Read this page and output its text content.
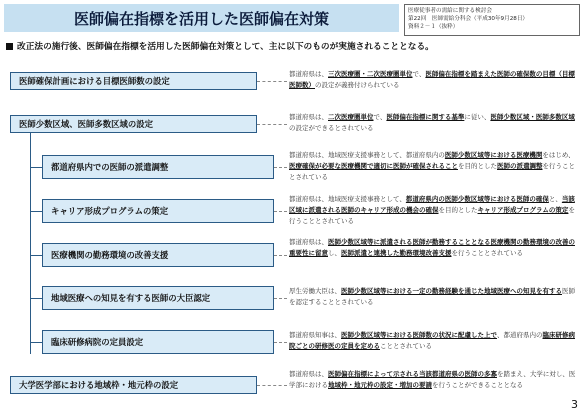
医師偏在指標を活用した医師偏在対策	医療従事者の需給に関する検討会
第22回　医師需給分科会（平成30年9月28日）
資料２－１（抜粋）
改正法の施行後、医師偏在指標を活用した医師偏在対策として、主に以下のものが実施されることとなる。
医師確保計画における目標医師数の設定
医師少数区域、医師多数区域の設定
都道府県内での医師の派遣調整
キャリア形成プログラムの策定
医療機関の勤務環境の改善支援
地域医療への知見を有する医師の大臣認定
臨床研修病院の定員設定
大学医学部における地域枠・地元枠の設定
都道府県は、三次医療圏・二次医療圏単位で、医師偏在指標を踏まえた医師の確保数の目標（目標医師数）の設定が義務付けられている
都道府県は、二次医療圏単位で、医師偏在指標に関する基準に従い、医師少数区域・医師多数区域の設定ができるとされている
都道府県は、地域医療支援事務として、都道府県内の医師少数区域等における医療機関をはじめ、医療確保が必要な医療機関で適切に医師が確保されることを目的とした医師の派遣調整を行うこととされている
都道府県は、地域医療支援事務として、都道府県内の医師少数区域等における医師の確保と、当該区域に派遣される医師のキャリア形成の機会の確保を目的としたキャリア形成プログラムの策定を行うこととされている
都道府県は、医師少数区域等に派遣される医師が勤務することとなる医療機関の勤務環境の改善の重要性に留意し、医師派遣と連携した勤務環境改善支援を行うこととされている
厚生労働大臣は、医師少数区域等における一定の勤務経験を通じた地域医療への知見を有する医師を認定することとされている
都道府県知事は、医師少数区域等における医師数の状況に配慮した上で、都道府県内の臨床研修病院ごとの研修医の定員を定めることとされている
都道府県は、医師偏在指標によって示される当該都道府県の医師の多寡を踏まえ、大学に対し、医学部における地域枠・地元枠の設定・増加の要請を行うことができることとなる
3
